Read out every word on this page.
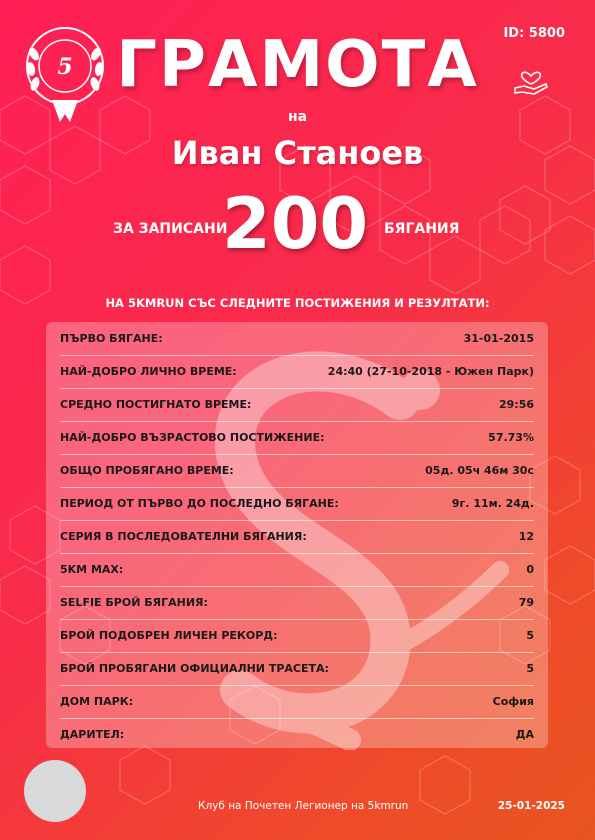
5
ID: 5800
ГРАМОТА
на
Иван Станоев
ЗА ЗАПИСАНИ
200 БЯГАНИЯ
НА 5KMRUN СЪС СЛЕДНИТЕ ПОСТИЖЕНИЯ И РЕЗУЛТАТИ:
ПЪРВО БЯГАНЕ:	31-01-2015
НАЙ-ДОБРО ЛИЧНО ВРЕМЕ:	24:40 (27-10-2018 - Южен Парк)
СРЕДНО ПОСТИГНАТО ВРЕМЕ:	29:56
НАЙ-ДОБРО ВЪЗРАСТОВО ПОСТИЖЕНИЕ:	57.73%
ОБЩО ПРОБЯГАНО ВРЕМЕ:	05д. 05ч 46м 30с
ПЕРИОД ОТ ПЪРВО ДО ПОСЛЕДНО БЯГАНЕ:	9г. 11м. 24д.
СЕРИЯ В ПОСЛЕДОВАТЕЛНИ БЯГАНИЯ:	12
5KM MAX:	0
SELFIE БРОЙ БЯГАНИЯ:	79
БРОЙ ПОДОБРЕН ЛИЧЕН РЕКОРД:	5
БРОЙ ПРОБЯГАНИ ОФИЦИАЛНИ ТРАСЕТА:	5
ДОМ ПАРК:	София
ДАРИТЕЛ:	ДА
Клуб на Почетен Легионер на 5kmrun	25-01-2025
